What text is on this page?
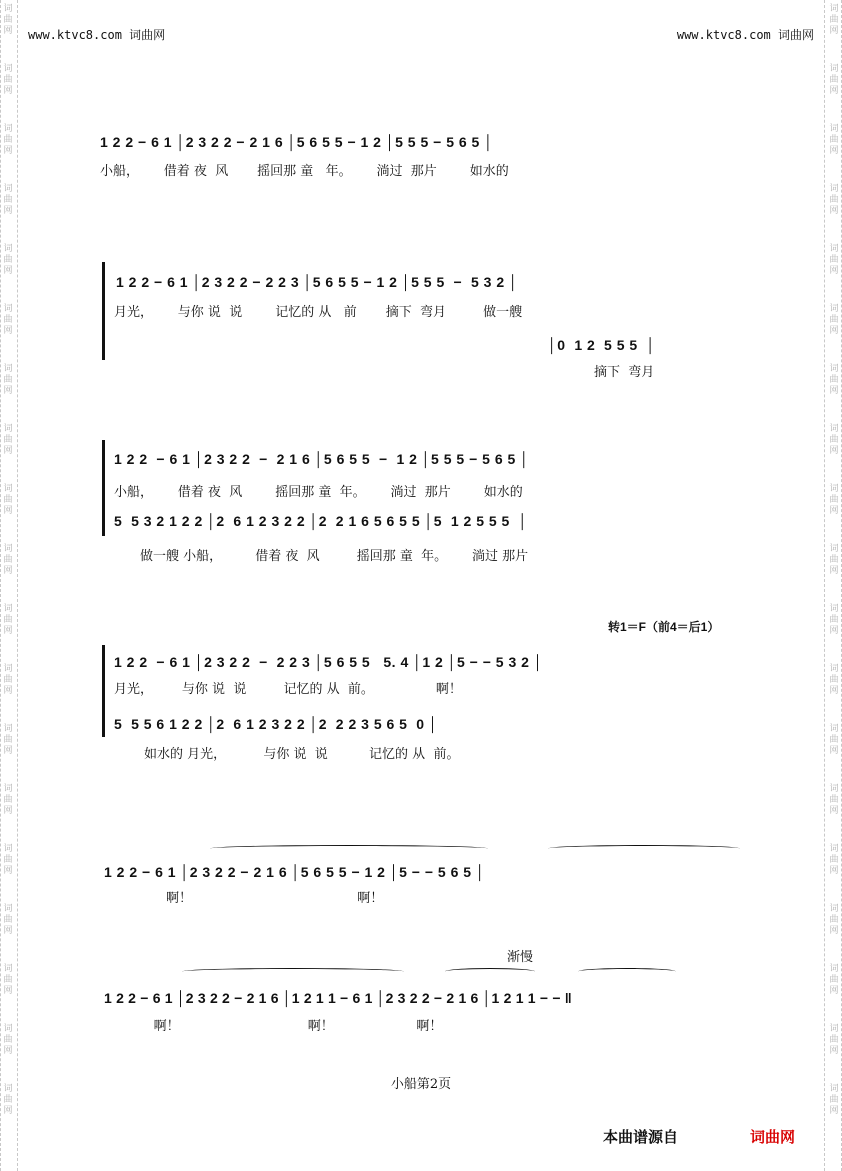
www.ktvc8.com 词曲网	www.ktvc8.com 词曲网
1 2 2 − 6 1 │2 3 2 2 − 2 1 6 │5 6 5 5 − 1 2 │5 5 5 − 5 6 5 │
小船，      借着 夜  风       摇回那 童   年。      淌过  那片        如水的
1 2 2 − 6 1 │2 3 2 2 − 2 2 3 │5 6 5 5 − 1 2 │5 5 5  −  5 3 2 │
月光，      与你 说  说        记忆的 从   前       摘下  弯月         做一艘
│0  1 2  5 5 5  │
摘下  弯月
1 2 2  − 6 1 │2 3 2 2  −  2 1 6 │5 6 5 5  −  1 2 │5 5 5 − 5 6 5 │
小船，      借着 夜  风        摇回那 童  年。      淌过  那片        如水的
5  5 3 2 1 2 2 │2  6 1 2 3 2 2 │2  2 1 6 5 6 5 5 │5  1 2 5 5 5  │
做一艘 小船，        借着 夜  风         摇回那 童  年。      淌过 那片
转1＝F（前4＝后1）
1 2 2  − 6 1 │2 3 2 2  −  2 2 3 │5 6 5 5   5. 4 │1 2 │5 − − 5 3 2 │
月光，       与你 说  说         记忆的 从  前。               啊！
5  5 5 6 1 2 2 │2  6 1 2 3 2 2 │2  2 2 3 5 6 5  0 │
如水的 月光，         与你 说  说          记忆的 从  前。
1 2 2 − 6 1 │2 3 2 2 − 2 1 6 │5 6 5 5 − 1 2 │5 − − 5 6 5 │
啊！                                        啊！
渐慢
1 2 2 − 6 1 │2 3 2 2 − 2 1 6 │1 2 1 1 − 6 1 │2 3 2 2 − 2 1 6 │1 2 1 1 − − ‖
啊！                               啊！                    啊！
小船第2页
本曲谱源自	词曲网
词
曲
网
词
曲
网
词
曲
网
词
曲
网
词
曲
网
词
曲
网
词
曲
网
词
曲
网
词
曲
网
词
曲
网
词
曲
网
词
曲
网
词
曲
网
词
曲
网
词
曲
网
词
曲
网
词
曲
网
词
曲
网
词
曲
网
词
曲
网
词
曲
网
词
曲
网
词
曲
网
词
曲
网
词
曲
网
词
曲
网
词
曲
网
词
曲
网
词
曲
网
词
曲
网
词
曲
网
词
曲
网
词
曲
网
词
曲
网
词
曲
网
词
曲
网
词
曲
网
词
曲
网
